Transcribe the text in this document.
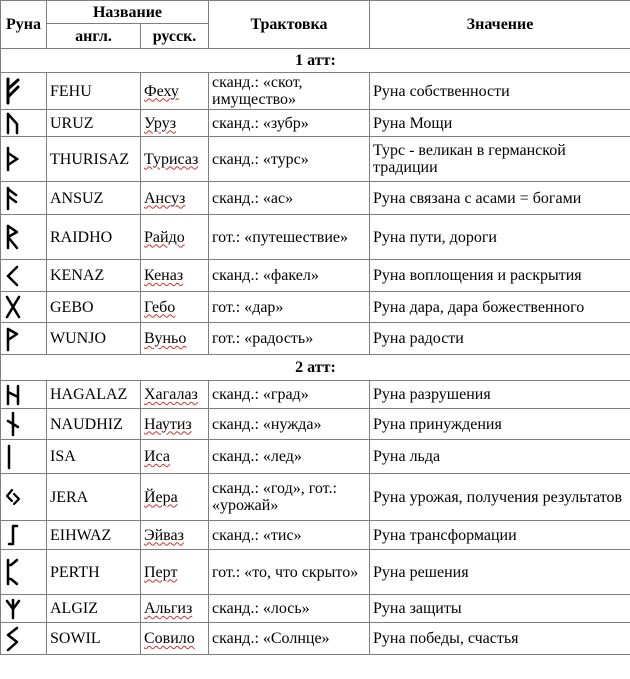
Руна	Название		Трактовка	Значение
	англ.	русск.		
1 атт:				

	FEHU	Феху	сканд.: «скот, имущество»	Руна собственности

	URUZ	Уруз	сканд.: «зубр»	Руна Мощи

	THURISAZ	Турисаз	сканд.: «турс»	Турс - великан в германской традиции

	ANSUZ	Ансуз	сканд.: «ас»	Руна связана с асами = богами

	RAIDHO	Райдо	гот.: «путешествие»	Руна пути, дороги

	KENAZ	Кеназ	сканд.: «факел»	Руна воплощения и раскрытия

	GEBO	Гебо	гот.: «дар»	Руна дара, дара божественного

	WUNJO	Вуньо	гот.: «радость»	Руна радости
2 атт:				

	HAGALAZ	Хагалаз	сканд.: «град»	Руна разрушения

	NAUDHIZ	Наутиз	сканд.: «нужда»	Руна принуждения

	ISA	Иса	сканд.: «лед»	Руна льда

	JERA	Йера	сканд.: «год», гот.: «урожай»	Руна урожая, получения результатов

	EIHWAZ	Эйваз	сканд.: «тис»	Руна трансформации

	PERTH	Перт	гот.: «то, что скрыто»	Руна решения

	ALGIZ	Альгиз	сканд.: «лось»	Руна защиты

	SOWIL	Совило	сканд.: «Солнце»	Руна победы, счастья
